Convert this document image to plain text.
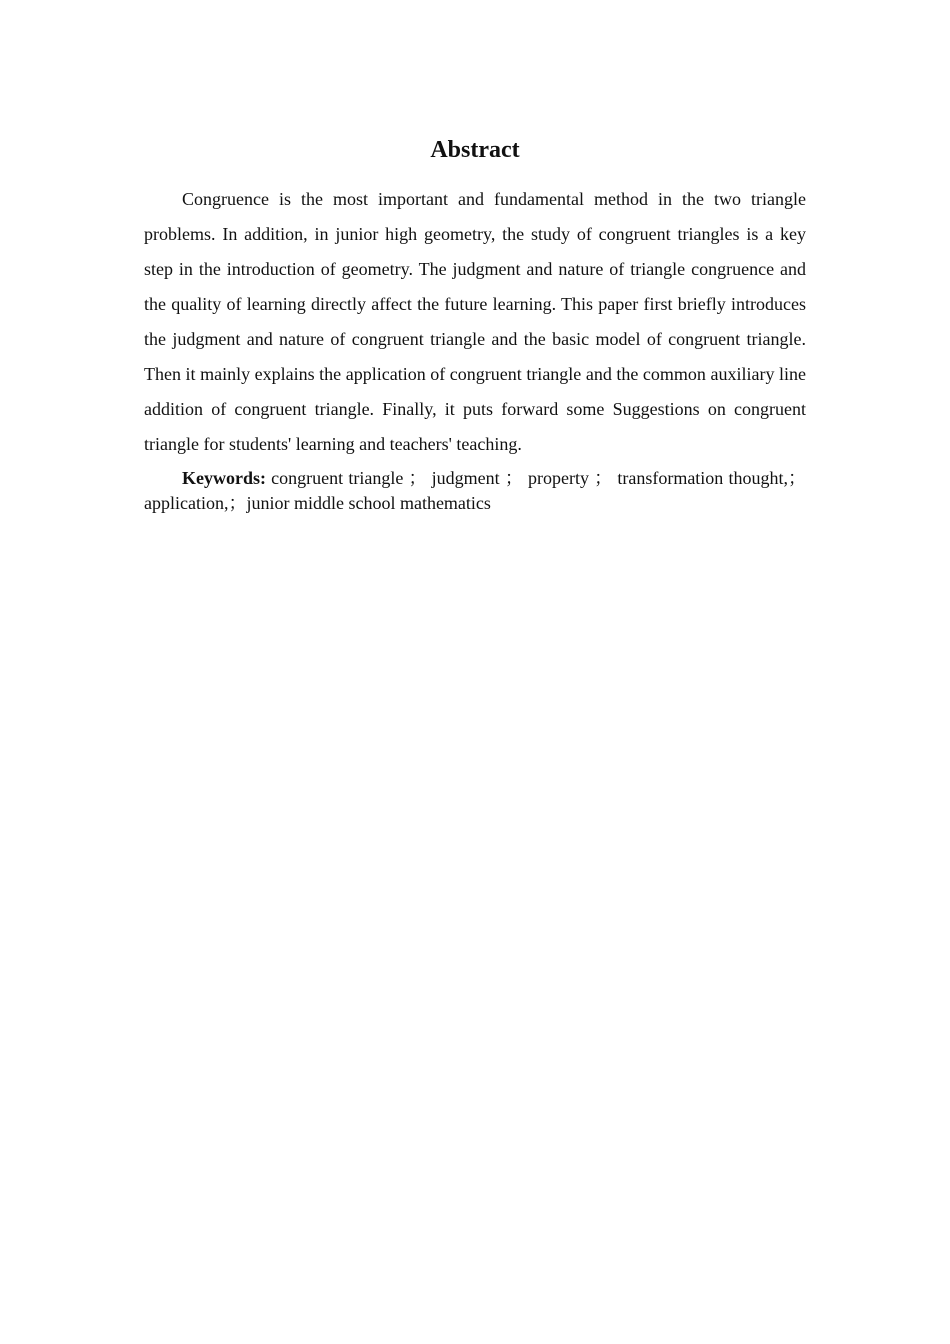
Abstract

Congruence is the most important and fundamental method in the two triangle problems. In addition, in junior high geometry, the study of congruent triangles is a key step in the introduction of geometry. The judgment and nature of triangle congruence and the quality of learning directly affect the future learning. This paper first briefly introduces the judgment and nature of congruent triangle and the basic model of congruent triangle. Then it mainly explains the application of congruent triangle and the common auxiliary line addition of congruent triangle. Finally, it puts forward some Suggestions on congruent triangle for students' learning and teachers' teaching.

Keywords: congruent triangle ； judgment ； property ； transformation thought,；application,；junior middle school mathematics
